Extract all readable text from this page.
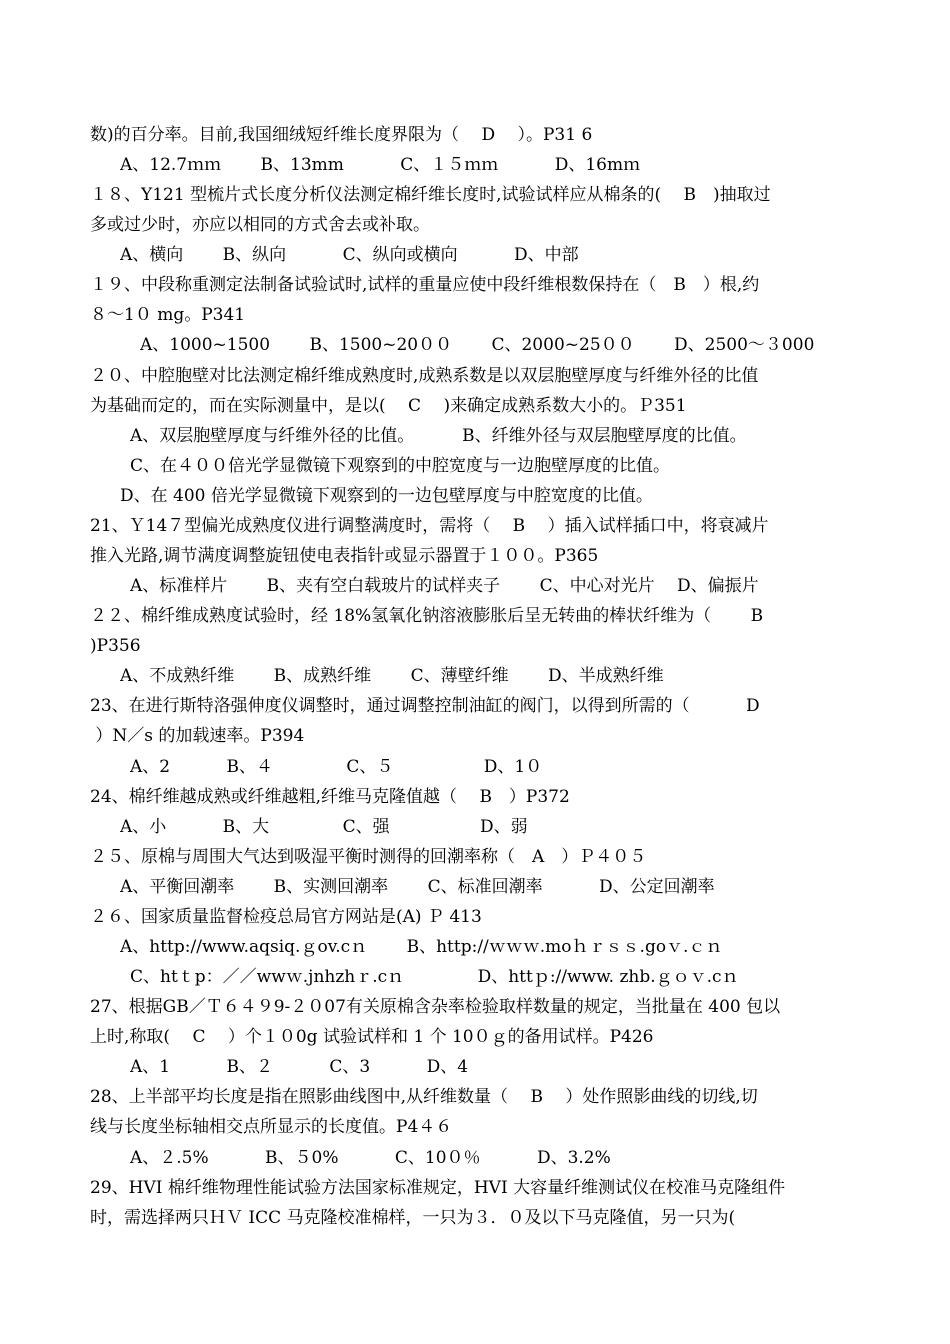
数)的百分率。目前,我国细绒短纤维长度界限为（　 D　 ）。P31 6
A、12.7ｍｍ　　 B、13mm　　　 C、１５ｍｍ　　　 D、16mｍ
１８、Y121 型梳片式长度分析仪法测定棉纤维长度时,试验试样应从棉条的(　 B　)抽取过
多或过少时，亦应以相同的方式舍去或补取。
A、横向　　 B、纵向　　　 C、纵向或横向　　　 D、中部
１９、中段称重测定法制备试验试时,试样的重量应使中段纤维根数保持在（　B　）根,约
８～1０ mg。P341
A、1000~1500　　 B、1500~20００　　 C、2000~25００　　 D、2500～３000
２０、中腔胞壁对比法测定棉纤维成熟度时,成熟系数是以双层胞壁厚度与纤维外径的比值
为基础而定的，而在实际测量中，是以(　 C　 )来确定成熟系数大小的。Ｐ351
A、双层胞壁厚度与纤维外径的比值。　　　 B、纤维外径与双层胞壁厚度的比值。
C、在４００倍光学显微镜下观察到的中腔宽度与一边胞壁厚度的比值。
D、在 400 倍光学显微镜下观察到的一边包壁厚度与中腔宽度的比值。
21、Ｙ14７型偏光成熟度仪进行调整满度时，需将（　 B　 ）插入试样插口中，将衰减片
推入光路,调节满度调整旋钮使电表指针或显示器置于１００。P365
A、标准样片　　 B、夹有空白载玻片的试样夹子　　 C、中心对光片　 D、偏振片
２２、棉纤维成熟度试验时，经 18%氢氧化钠溶液膨胀后呈无转曲的棒状纤维为（　　 B
)P356
A、不成熟纤维　　 B、成熟纤维　　 C、薄壁纤维　　 D、半成熟纤维
23、在进行斯特洛强伸度仪调整时，通过调整控制油缸的阀门，以得到所需的（　　　 D
）N／s 的加载速率。P394
A、2　　　 B、４　　　　 C、５　　　　　 D、1０
24、棉纤维越成熟或纤维越粗,纤维马克隆值越（　 B　）P372
A、小　　　 B、大　　　　 C、强　　　　　 D、弱
２５、原棉与周围大气达到吸湿平衡时测得的回潮率称（　A　）Ｐ４０５
A、平衡回潮率　　 B、实测回潮率　　 C、标准回潮率　　　 D、公定回潮率
２６、国家质量监督检疫总局官方网站是(A) Ｐ 413
A、http://www.aqsiq.ｇov.cｎ　　 B、http://ｗｗｗ.moｈｒｓｓ.goｖ.ｃｎ
C、htｔp：／／wwｗ.jnhzhｒ.cｎ　　　　 D、httｐ://www. zhb.ｇｏｖ.cｎ
27、根据GB／Ｔ６４９9-２０07有关原棉含杂率检验取样数量的规定，当批量在 400 包以
上时,称取(　 C　 ）个１０0g 试验试样和 1 个 10０ｇ的备用试样。P426
A、1　　　 B、２　　　 C、3　　　 D、4
28、上半部平均长度是指在照影曲线图中,从纤维数量（　 B　 ）处作照影曲线的切线,切
线与长度坐标轴相交点所显示的长度值。P4４６
A、２.5%　　　 B、５0%　　　 C、10０％　　　 D、3.2%
29、HVI 棉纤维物理性能试验方法国家标准规定，HVI 大容量纤维测试仪在校准马克隆组件
时，需选择两只ＨＶ ICC 马克隆校准棉样，一只为３．０及以下马克隆值，另一只为(
